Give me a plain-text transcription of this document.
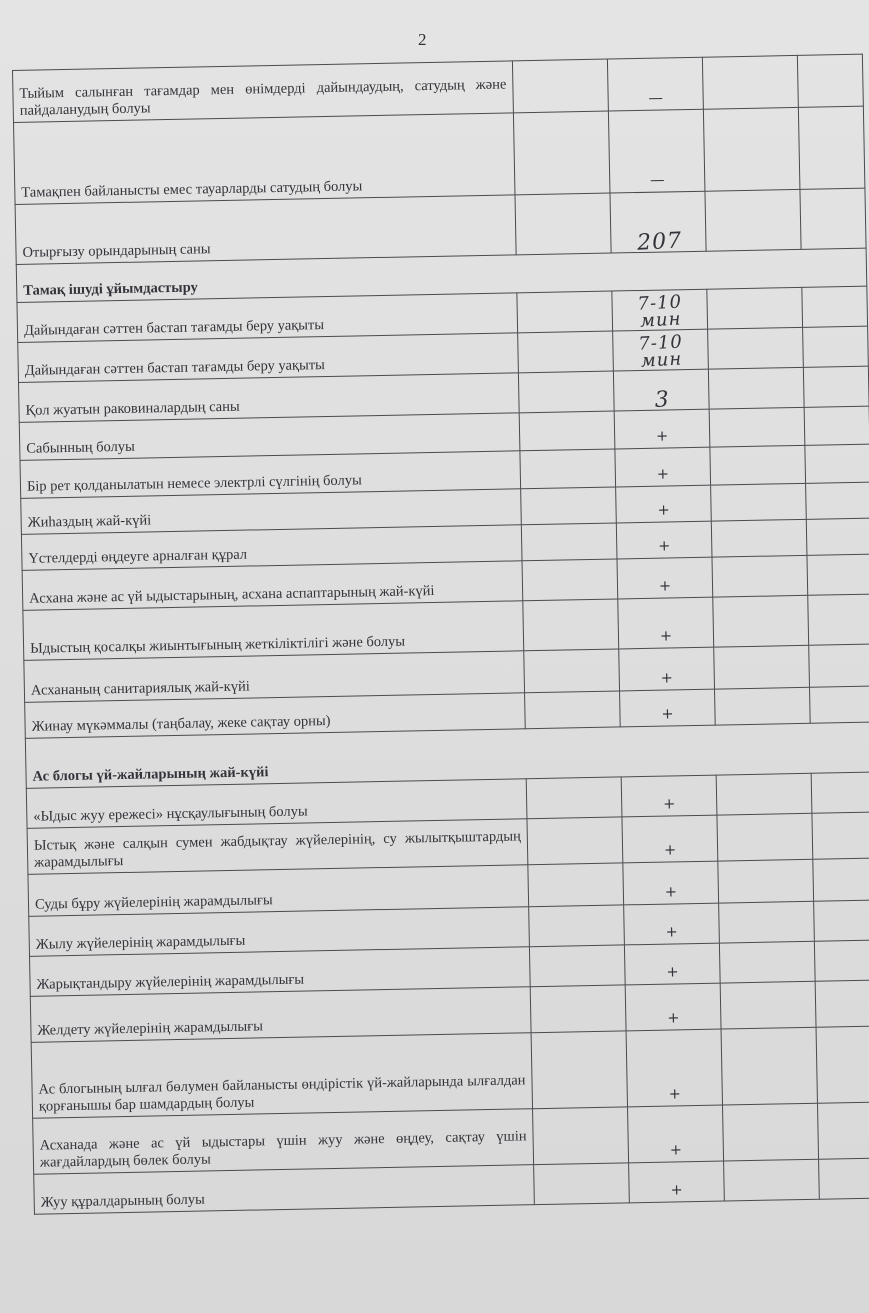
2
Тыйым салынған тағамдар мен өнімдерді дайындаудың, сатудың және пайдаланудың болуы		—		
Тамақпен байланысты емес тауарларды сатудың болуы		—		
Отырғызу орындарының саны		207		
Тамақ ішуді ұйымдастыру				
Дайындаған сәттен бастап тағамды беру уақыты		7-10 мин		
Дайындаған сәттен бастап тағамды беру уақыты		7-10 мин		
Қол жуатын раковиналардың саны		3		
Сабынның болуы		+		
Бір рет қолданылатын немесе электрлі сүлгінің болуы		+		
Жиһаздың жай-күйі		+		
Үстелдерді өңдеуге арналған құрал		+		
Асхана және ас үй ыдыстарының, асхана аспаптарының жай-күйі		+		
Ыдыстың қосалқы жиынтығының жеткіліктілігі және болуы		+		
Асхананың санитариялық жай-күйі		+		
Жинау мүкәммалы (таңбалау, жеке сақтау орны)		+		
Ас блогы үй-жайларының жай-күйі				
«Ыдыс жуу ережесі» нұсқаулығының болуы		+		
Ыстық және салқын сумен жабдықтау жүйелерінің, су жылытқыштардың жарамдылығы		+		
Суды бұру жүйелерінің жарамдылығы		+		
Жылу жүйелерінің жарамдылығы		+		
Жарықтандыру жүйелерінің жарамдылығы		+		
Желдету жүйелерінің жарамдылығы		+		
Ас блогының ылғал бөлумен байланысты өндірістік үй-жайларында ылғалдан қорғанышы бар шамдардың болуы		+		
Асханада және ас үй ыдыстары үшін жуу және өңдеу, сақтау үшін жағдайлардың бөлек болуы		+		
Жуу құралдарының болуы		+		
